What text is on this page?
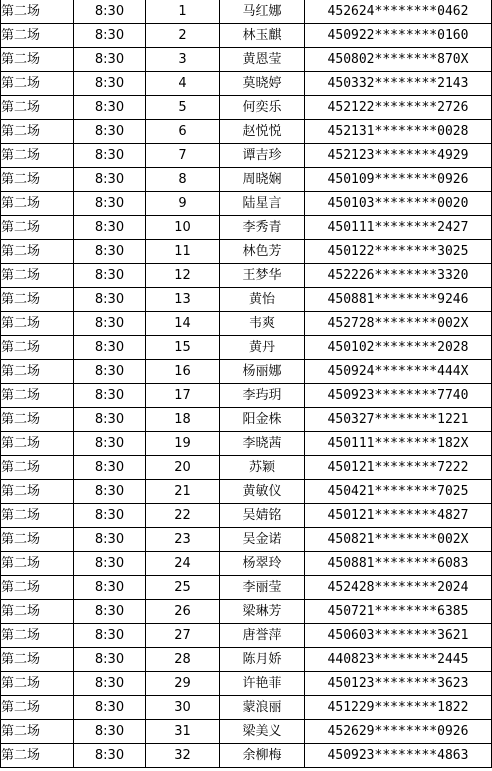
第二场	8:30	1	马红娜	452624********0462
第二场	8:30	2	林玉麒	450922********0160
第二场	8:30	3	黄恩莹	450802********870X
第二场	8:30	4	莫晓婷	450332********2143
第二场	8:30	5	何奕乐	452122********2726
第二场	8:30	6	赵悦悦	452131********0028
第二场	8:30	7	谭吉珍	452123********4929
第二场	8:30	8	周晓娴	450109********0926
第二场	8:30	9	陆星言	450103********0020
第二场	8:30	10	李秀青	450111********2427
第二场	8:30	11	林色芳	450122********3025
第二场	8:30	12	王梦华	452226********3320
第二场	8:30	13	黄怡	450881********9246
第二场	8:30	14	韦爽	452728********002X
第二场	8:30	15	黄丹	450102********2028
第二场	8:30	16	杨丽娜	450924********444X
第二场	8:30	17	李玙玥	450923********7740
第二场	8:30	18	阳金株	450327********1221
第二场	8:30	19	李晓茜	450111********182X
第二场	8:30	20	苏颖	450121********7222
第二场	8:30	21	黄敏仪	450421********7025
第二场	8:30	22	吴婧铭	450121********4827
第二场	8:30	23	吴金诺	450821********002X
第二场	8:30	24	杨翠玲	450881********6083
第二场	8:30	25	李丽莹	452428********2024
第二场	8:30	26	梁琳芳	450721********6385
第二场	8:30	27	唐誉萍	450603********3621
第二场	8:30	28	陈月娇	440823********2445
第二场	8:30	29	许艳菲	450123********3623
第二场	8:30	30	蒙浪丽	451229********1822
第二场	8:30	31	梁美义	452629********0926
第二场	8:30	32	余柳梅	450923********4863
